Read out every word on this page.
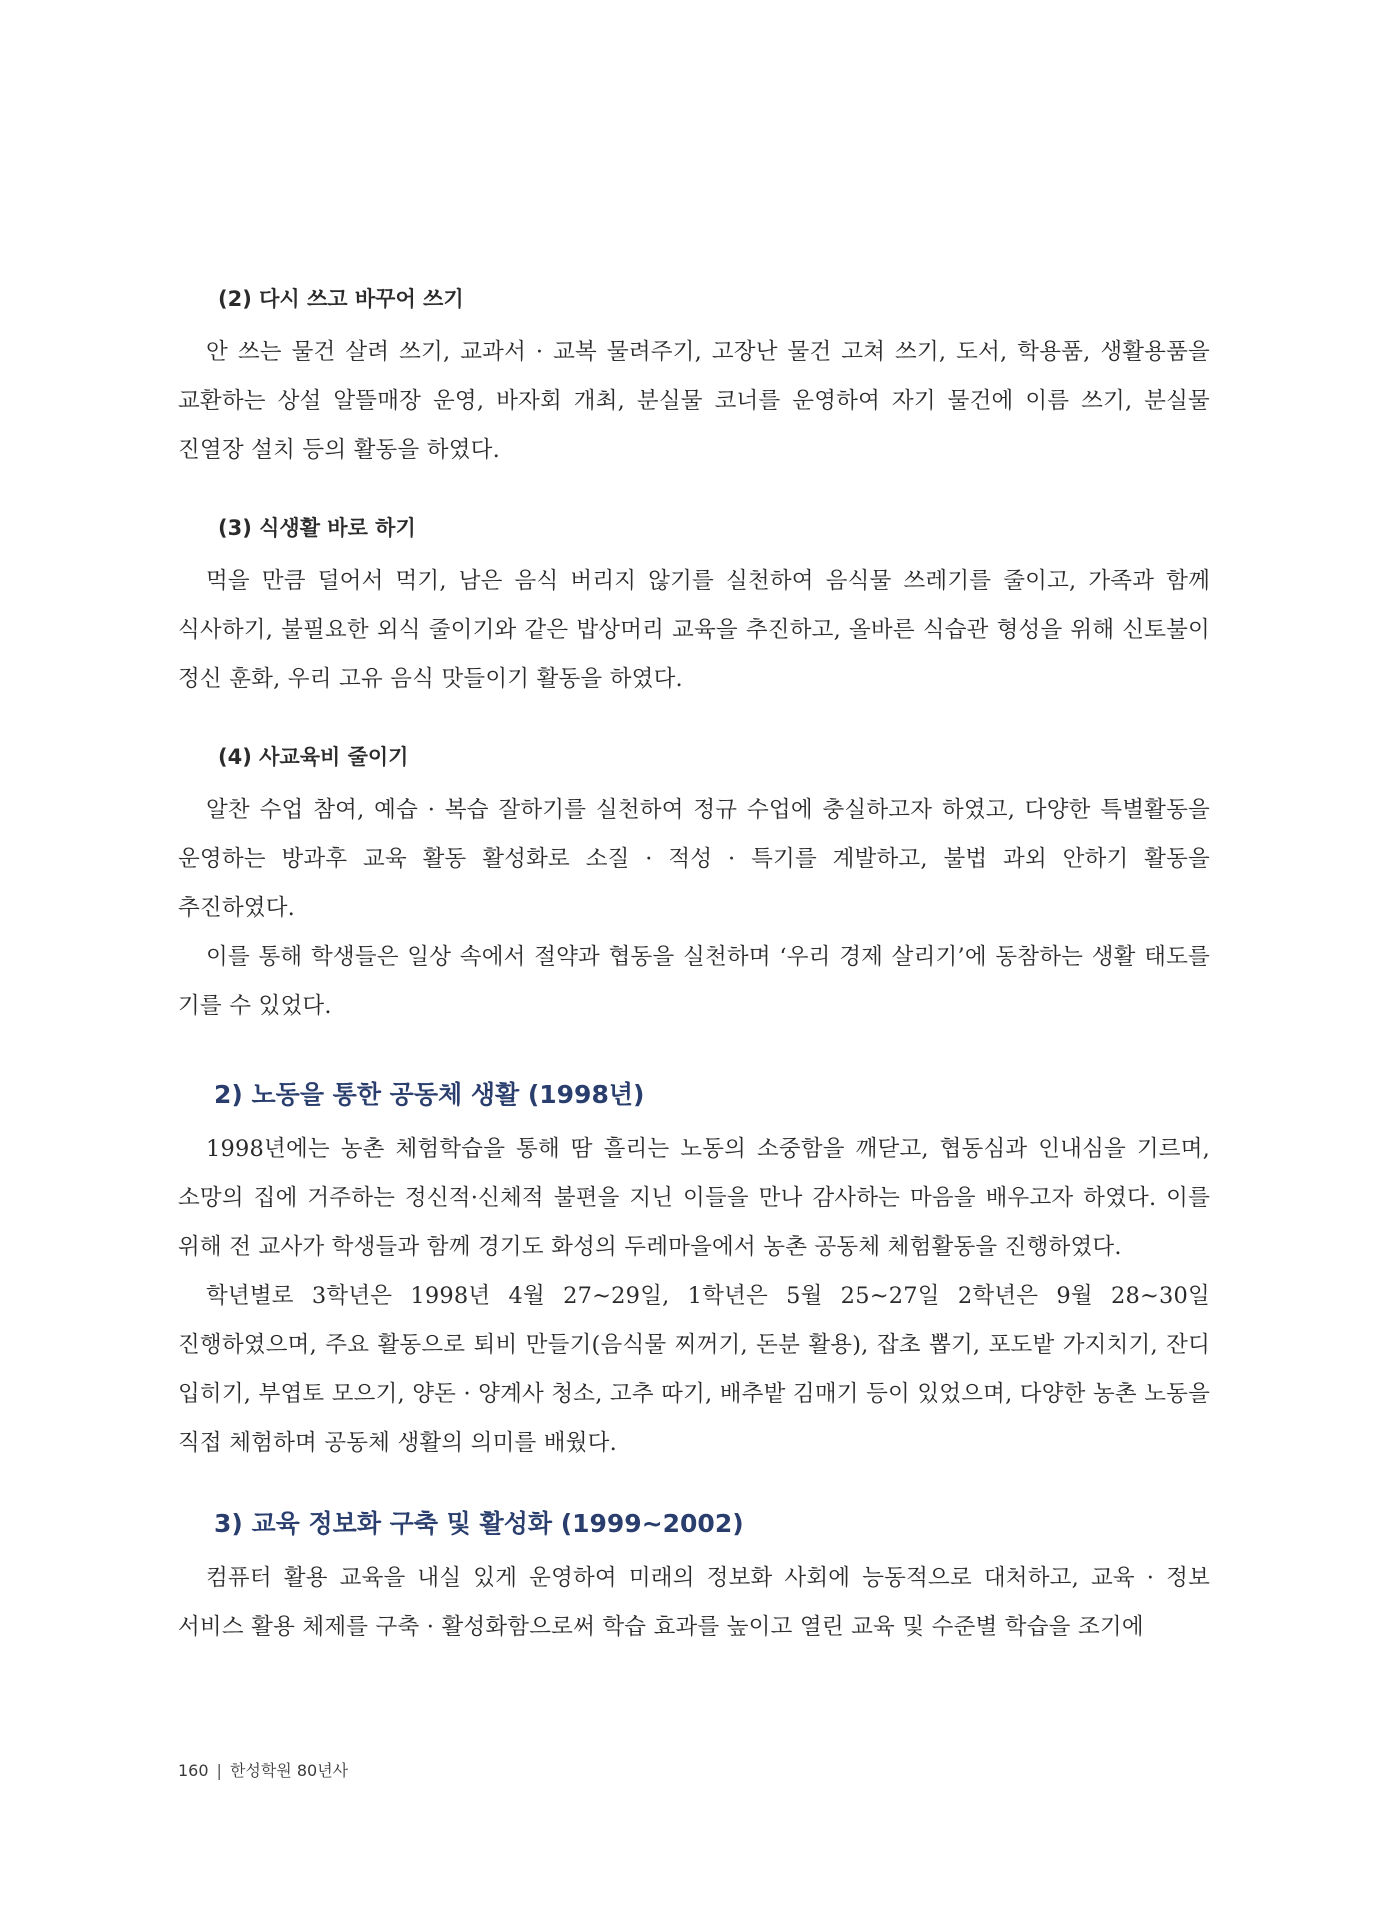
(2) 다시 쓰고 바꾸어 쓰기

안 쓰는 물건 살려 쓰기, 교과서 · 교복 물려주기, 고장난 물건 고쳐 쓰기, 도서, 학용품, 생활용품을 교환하는 상설 알뜰매장 운영, 바자회 개최, 분실물 코너를 운영하여 자기 물건에 이름 쓰기, 분실물 진열장 설치 등의 활동을 하였다.

(3) 식생활 바로 하기

먹을 만큼 덜어서 먹기, 남은 음식 버리지 않기를 실천하여 음식물 쓰레기를 줄이고, 가족과 함께 식사하기, 불필요한 외식 줄이기와 같은 밥상머리 교육을 추진하고, 올바른 식습관 형성을 위해 신토불이 정신 훈화, 우리 고유 음식 맛들이기 활동을 하였다.

(4) 사교육비 줄이기

알찬 수업 참여, 예습 · 복습 잘하기를 실천하여 정규 수업에 충실하고자 하였고, 다양한 특별활동을 운영하는 방과후 교육 활동 활성화로 소질 · 적성 · 특기를 계발하고, 불법 과외 안하기 활동을 추진하였다.

이를 통해 학생들은 일상 속에서 절약과 협동을 실천하며 ‘우리 경제 살리기’에 동참하는 생활 태도를 기를 수 있었다.

2) 노동을 통한 공동체 생활 (1998년)

1998년에는 농촌 체험학습을 통해 땀 흘리는 노동의 소중함을 깨닫고, 협동심과 인내심을 기르며, 소망의 집에 거주하는 정신적·신체적 불편을 지닌 이들을 만나 감사하는 마음을 배우고자 하였다. 이를 위해 전 교사가 학생들과 함께 경기도 화성의 두레마을에서 농촌 공동체 체험활동을 진행하였다.

학년별로 3학년은 1998년 4월 27~29일, 1학년은 5월 25~27일 2학년은 9월 28~30일 진행하였으며, 주요 활동으로 퇴비 만들기(음식물 찌꺼기, 돈분 활용), 잡초 뽑기, 포도밭 가지치기, 잔디 입히기, 부엽토 모으기, 양돈 · 양계사 청소, 고추 따기, 배추밭 김매기 등이 있었으며, 다양한 농촌 노동을 직접 체험하며 공동체 생활의 의미를 배웠다.

3) 교육 정보화 구축 및 활성화 (1999~2002)

컴퓨터 활용 교육을 내실 있게 운영하여 미래의 정보화 사회에 능동적으로 대처하고, 교육 · 정보 서비스 활용 체제를 구축 · 활성화함으로써 학습 효과를 높이고 열린 교육 및 수준별 학습을 조기에

160 | 한성학원 80년사
